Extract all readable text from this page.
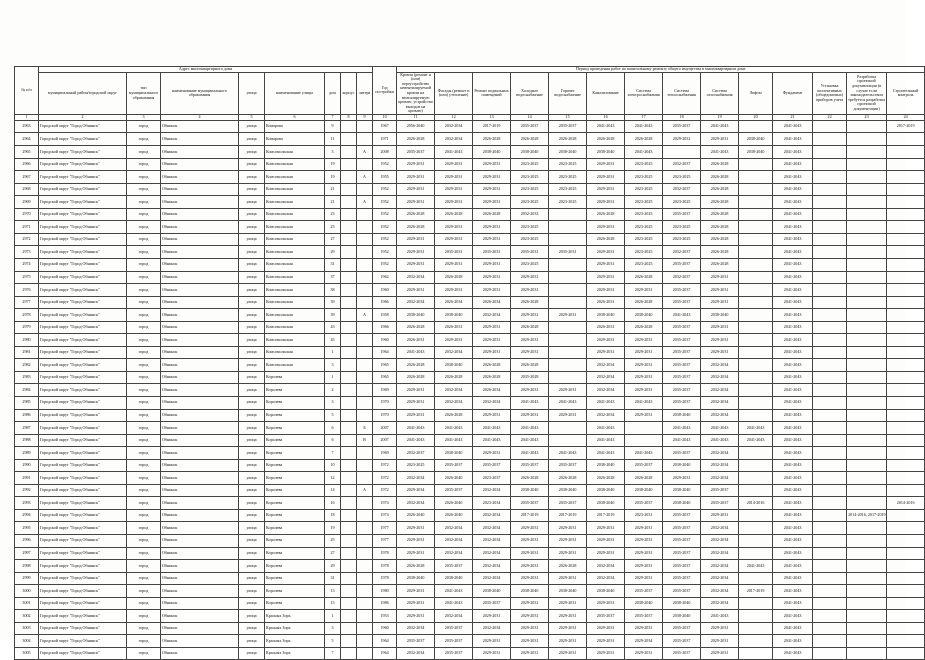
№ п/п	Адрес многоквартирного дома								Год постройки	Период проведения работ по капитальному ремонту общего имущества в многоквартирном доме													
	муниципальный район/городской округ	тип муниципального образования	наименование муниципального образования	улица	наименование улицы	дом	корпус	литера		Кровля (ремонт и (или) переустройство невентилируемой кровли на вентилируемую кровлю, устройство выходов на кровлю)	Фасады (ремонт и (или) утепление)	Ремонт подвальных помещений	Холодное водоснабжение	Горячее водоснабжение	Канализование	Система электроснабжения	Система теплоснабжения	Система газоснабжения	Лифты	Фундамент	Установка коллективных (общедомовых) приборов учета	Разработка проектной документации (в случае если законодательством требуется разработка проектной документации)	Строительный контроль
1	2	3	4	5	6	7	8	9	10	11	12	13	14	15	16	17	18	19	20	21	22	23	24
2963	Городской округ "Город Обнинск"	город	Обнинск	улица	Комарова	9			1967	2056-2040	2032-2034	2017-2019	2035-2037	2035-2037	2041-2043	2041-2043	2035-2037	2041-2043		2041-2043			2017-2019
2964	Городской округ "Город Обнинск"	город	Обнинск	улица	Комарова	11			1971	2026-2028	2032-2034	2026-2028	2026-2028	2026-2028	2026-2028	2026-2028	2029-2031	2029-2031	2038-2040	2041-2043			
2965	Городской округ "Город Обнинск"	город	Обнинск	улица	Комсомольская	3		А	2008	2035-2037	2041-2043	2038-2040	2038-2040	2038-2040	2038-2040	2041-2043		2041-2043	2038-2040	2041-2043			
2966	Городской округ "Город Обнинск"	город	Обнинск	улица	Комсомольская	19			1952	2029-2031	2029-2031	2029-2031	2023-2025	2023-2025	2029-2031	2023-2025	2032-2037	2026-2028		2041-2043			
2967	Городской округ "Город Обнинск"	город	Обнинск	улица	Комсомольская	19		А	1955	2029-2031	2029-2031	2029-2031	2023-2025	2023-2025	2029-2031	2023-2025	2023-2025	2026-2028		2041-2043			
2968	Городской округ "Город Обнинск"	город	Обнинск	улица	Комсомольская	21			1952	2029-2031	2029-2031	2029-2031	2023-2025	2023-2025	2029-2031	2023-2025	2032-2037	2026-2028		2041-2043			
2969	Городской округ "Город Обнинск"	город	Обнинск	улица	Комсомольская	21		А	1952	2029-2031	2029-2031	2029-2031	2023-2025	2023-2025	2029-2031	2023-2025	2023-2025	2026-2028		2041-2043			
2970	Городской округ "Город Обнинск"	город	Обнинск	улица	Комсомольская	23			1952	2026-2028	2026-2028	2026-2028	2032-2033		2026-2028	2023-2025	2035-2037	2026-2028		2041-2043			
2971	Городской округ "Город Обнинск"	город	Обнинск	улица	Комсомольская	25			1952	2026-2028	2029-2031	2029-2031	2023-2025		2029-2031	2023-2025	2023-2025	2026-2028		2041-2043			
2972	Городской округ "Город Обнинск"	город	Обнинск	улица	Комсомольская	27			1952	2029-2031	2029-2031	2029-2031	2023-2025		2026-2028	2023-2025	2023-2025	2026-2028		2041-2043			
2973	Городской округ "Город Обнинск"	город	Обнинск	улица	Комсомольская	29			1952	2029-2031	2035-2031	2035-2031	2035-2031	2035-2031	2029-2031	2023-2025	2032-2037	2026-2028		2041-2043			
2974	Городской округ "Город Обнинск"	город	Обнинск	улица	Комсомольская	31			1952	2029-2031	2029-2031	2029-2031	2023-2025		2029-2031	2023-2025	2035-2037	2026-2028		2041-2043			
2975	Городской округ "Город Обнинск"	город	Обнинск	улица	Комсомольская	37			1962	2032-2034	2026-2028	2029-2031	2029-2031		2029-2031	2026-2028	2032-2037	2029-2031		2041-2043			
2976	Городской округ "Город Обнинск"	город	Обнинск	улица	Комсомольская	38			1960	2029-2031	2029-2031	2029-2031	2029-2031		2029-2031	2029-2031	2035-2037	2029-2031		2041-2043			
2977	Городской округ "Город Обнинск"	город	Обнинск	улица	Комсомольская	39			1966	2032-2034	2026-2034	2026-2034	2026-2028		2026-2031	2026-2028	2035-2037	2029-2031		2041-2043			
2978	Городской округ "Город Обнинск"	город	Обнинск	улица	Комсомольская	39		А	1958	2038-2040	2038-2040	2032-2034	2029-2031	2029-2031	2038-2040	2038-2040	2041-2043	2038-2040		2041-2043			
2979	Городской округ "Город Обнинск"	город	Обнинск	улица	Комсомольская	43			1966	2026-2028	2026-2031	2029-2031	2026-2028		2026-2031	2026-2028	2035-2037	2029-2031		2041-2043			
2980	Городской округ "Город Обнинск"	город	Обнинск	улица	Комсомольская	45			1960	2026-2031	2029-2031	2029-2031	2029-2031		2029-2031	2029-2031	2035-2037	2029-2031		2041-2043			
2981	Городской округ "Город Обнинск"	город	Обнинск	улица	Комсомольская	1			1964	2041-2043	2032-2034	2029-2031	2029-2031		2029-2031	2029-2031	2035-2037	2029-2031		2041-2043			
2982	Городской округ "Город Обнинск"	город	Обнинск	улица	Комсомольская	3			1965	2026-2028	2038-2040	2026-2028	2026-2028		2032-2034	2029-2031	2035-2037	2032-2034		2041-2043			
2983	Городской округ "Город Обнинск"	город	Обнинск	улица	Королева	1			1965	2026-2028	2026-2028	2026-2028	2035-2028		2032-2034	2029-2031	2035-2037	2032-2034		2041-2043			
2984	Городской округ "Город Обнинск"	город	Обнинск	улица	Королева	2			1969	2029-2031	2032-2034	2026-2034	2029-2031	2029-2031	2032-2034	2029-2031	2035-2037	2032-2034		2041-2043			
2985	Городской округ "Город Обнинск"	город	Обнинск	улица	Королева	3			1970	2029-2031	2032-2034	2032-2034	2041-2043	2041-2043	2041-2043	2041-2043	2035-2037	2032-2034		2041-2043			
2986	Городской округ "Город Обнинск"	город	Обнинск	улица	Королева	5			1970	2029-2031	2026-2028	2029-2031	2029-2031	2029-2031	2032-2034	2029-2031	2038-2040	2032-2034		2041-2043			
2987	Городской округ "Город Обнинск"	город	Обнинск	улица	Королева	6		Б	2007	2041-2043	2041-2043	2041-2043	2041-2043		2041-2043		2041-2043	2041-2043	2041-2043	2041-2043			
2988	Городской округ "Город Обнинск"	город	Обнинск	улица	Королева	6		В	2007	2041-2043	2041-2043	2041-2043	2041-2043		2041-2043		2041-2043	2041-2043	2041-2043	2041-2043			
2989	Городской округ "Город Обнинск"	город	Обнинск	улица	Королева	7			1969	2032-2037	2038-2040	2029-2031	2041-2043	2041-2043	2041-2043	2041-2043	2035-2037	2032-2034		2041-2043			
2990	Городской округ "Город Обнинск"	город	Обнинск	улица	Королева	10			1972	2023-2025	2035-2037	2035-2037	2035-2037	2035-2037	2038-2040	2035-2037	2038-2040	2032-2034		2041-2043			
2991	Городской округ "Город Обнинск"	город	Обнинск	улица	Королева	12			1972	2032-2034	2026-2040	2023-2037	2026-2028	2026-2028	2026-2028	2026-2028	2029-2031	2032-2034		2041-2043			
2992	Городской округ "Город Обнинск"	город	Обнинск	улица	Королева	14		А	1972	2029-2034	2035-2037	2032-2034	2038-2040	2038-2040	2038-2040	2038-2040	2038-2040	2035-2037		2041-2043			
2993	Городской округ "Город Обнинск"	город	Обнинск	улица	Королева	16			1974	2032-2034	2026-2040	2023-2034	2035-2037	2035-2037	2038-2040	2035-2037	2038-2040	2035-2037	2014-2016	2041-2043			2014-2016
2994	Городской округ "Город Обнинск"	город	Обнинск	улица	Королева	18			1974	2026-2040	2026-2040	2032-2034	2017-2019	2017-2019	2017-2019	2023-2031	2035-2037	2029-2031		2041-2043		2014-2016, 2017-2019	
2995	Городской округ "Город Обнинск"	город	Обнинск	улица	Королева	19			1977	2029-2031	2032-2034	2032-2034	2029-2031	2029-2031	2029-2031	2029-2031	2035-2037	2032-2034		2041-2043			
2996	Городской округ "Город Обнинск"	город	Обнинск	улица	Королева	25			1977	2029-2031	2032-2034	2032-2034	2029-2031	2029-2031	2029-2031	2029-2031	2035-2037	2032-2034		2041-2043			
2997	Городской округ "Город Обнинск"	город	Обнинск	улица	Королева	27			1978	2029-2031	2032-2034	2032-2034	2029-2031	2029-2031	2029-2031	2029-2031	2035-2037	2032-2034		2041-2043			
2998	Городской округ "Город Обнинск"	город	Обнинск	улица	Королева	29			1978	2026-2028	2035-2037	2032-2034	2029-2031	2026-2028	2032-2034	2029-2031	2035-2037	2032-2034	2041-2043	2041-2043			
2999	Городской округ "Город Обнинск"	город	Обнинск	улица	Королева	31			1978	2038-2040	2038-2040	2032-2034	2029-2031	2029-2031	2032-2034	2029-2031	2035-2037	2032-2034		2041-2043			
3000	Городской округ "Город Обнинск"	город	Обнинск	улица	Королева	13			1980	2029-2031	2041-2043	2038-2040	2038-2040	2038-2040	2038-2040	2035-2037	2035-2037	2032-2034	2017-2019	2041-2043			
3001	Городской округ "Город Обнинск"	город	Обнинск	улица	Королева	15			1986	2029-2031	2041-2043	2035-2037	2029-2031	2029-2031	2029-2031	2038-2040	2038-2040	2032-2034		2041-2043			
3002	Городской округ "Город Обнинск"	город	Обнинск	улица	Красных Зорь	1			1953	2029-2031	2032-2034	2029-2031	2029-2031	2029-2031	2035-2037	2035-2037	2038-2040	2041-2043		2041-2043			
3003	Городской округ "Город Обнинск"	город	Обнинск	улица	Красных Зорь	3			1960	2032-2034	2035-2037	2032-2034	2029-2031	2029-2031	2029-2031	2029-2031	2035-2037	2029-2031		2041-2043			
3004	Городской округ "Город Обнинск"	город	Обнинск	улица	Красных Зорь	5			1964	2035-2037	2035-2037	2029-2031	2029-2031	2029-2031	2029-2031	2029-2034	2035-2037	2029-2031		2041-2043			
3005	Городской округ "Город Обнинск"	город	Обнинск	улица	Красных Зорь	7			1964	2032-2034	2035-2037	2029-2031	2029-2031	2029-2031	2029-2031	2029-2031	2035-2037	2029-2031		2041-2043			
